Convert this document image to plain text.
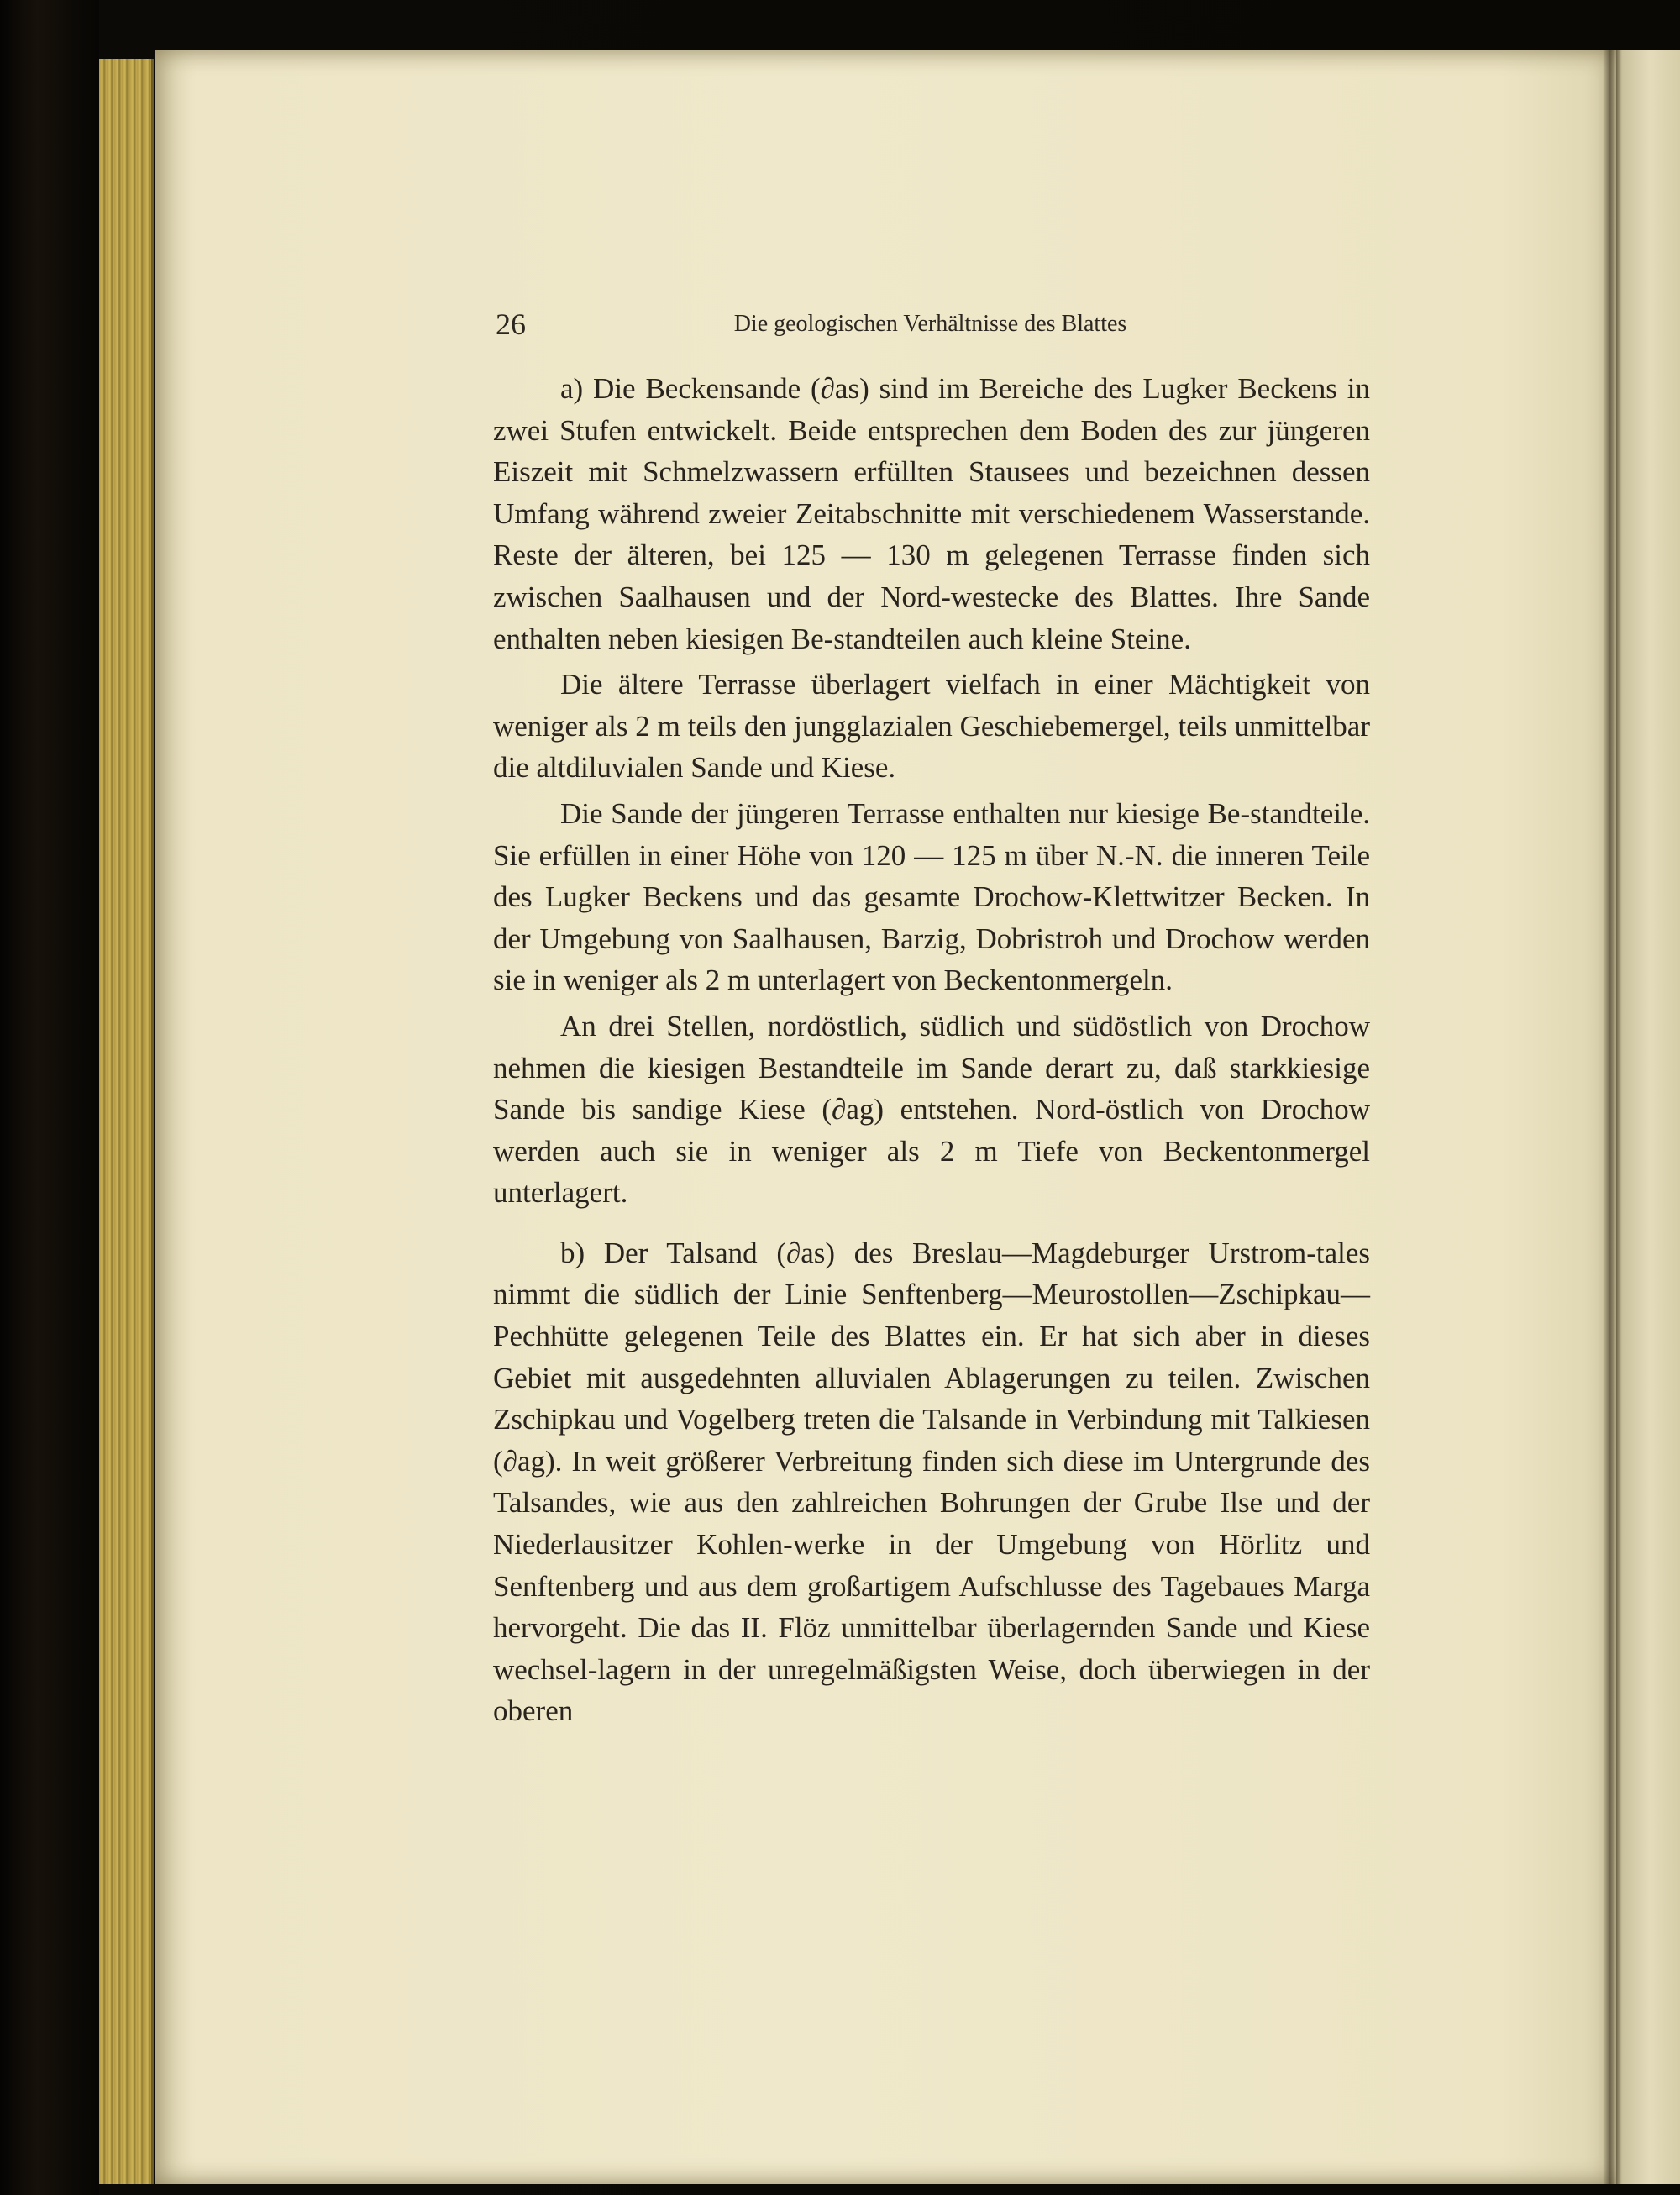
26	Die geologischen Verhältnisse des Blattes

a) Die Beckensande (∂as) sind im Bereiche des Lugker Beckens in zwei Stufen entwickelt. Beide entsprechen dem Boden des zur jüngeren Eiszeit mit Schmelzwassern erfüllten Stausees und bezeichnen dessen Umfang während zweier Zeitabschnitte mit verschiedenem Wasserstande. Reste der älteren, bei 125 — 130 m gelegenen Terrasse finden sich zwischen Saalhausen und der Nord-westecke des Blattes. Ihre Sande enthalten neben kiesigen Be-standteilen auch kleine Steine.

Die ältere Terrasse überlagert vielfach in einer Mächtigkeit von weniger als 2 m teils den jungglazialen Geschiebemergel, teils unmittelbar die altdiluvialen Sande und Kiese.

Die Sande der jüngeren Terrasse enthalten nur kiesige Be-standteile. Sie erfüllen in einer Höhe von 120 — 125 m über N.-N. die inneren Teile des Lugker Beckens und das gesamte Drochow-Klettwitzer Becken. In der Umgebung von Saalhausen, Barzig, Dobristroh und Drochow werden sie in weniger als 2 m unterlagert von Beckentonmergeln.

An drei Stellen, nordöstlich, südlich und südöstlich von Drochow nehmen die kiesigen Bestandteile im Sande derart zu, daß starkkiesige Sande bis sandige Kiese (∂ag) entstehen. Nord-östlich von Drochow werden auch sie in weniger als 2 m Tiefe von Beckentonmergel unterlagert.

b) Der Talsand (∂as) des Breslau—Magdeburger Urstrom-tales nimmt die südlich der Linie Senftenberg—Meurostollen—Zschipkau—Pechhütte gelegenen Teile des Blattes ein. Er hat sich aber in dieses Gebiet mit ausgedehnten alluvialen Ablagerungen zu teilen. Zwischen Zschipkau und Vogelberg treten die Talsande in Verbindung mit Talkiesen (∂ag). In weit größerer Verbreitung finden sich diese im Untergrunde des Talsandes, wie aus den zahlreichen Bohrungen der Grube Ilse und der Niederlausitzer Kohlen-werke in der Umgebung von Hörlitz und Senftenberg und aus dem großartigem Aufschlusse des Tagebaues Marga hervorgeht. Die das II. Flöz unmittelbar überlagernden Sande und Kiese wechsel-lagern in der unregelmäßigsten Weise, doch überwiegen in der oberen
